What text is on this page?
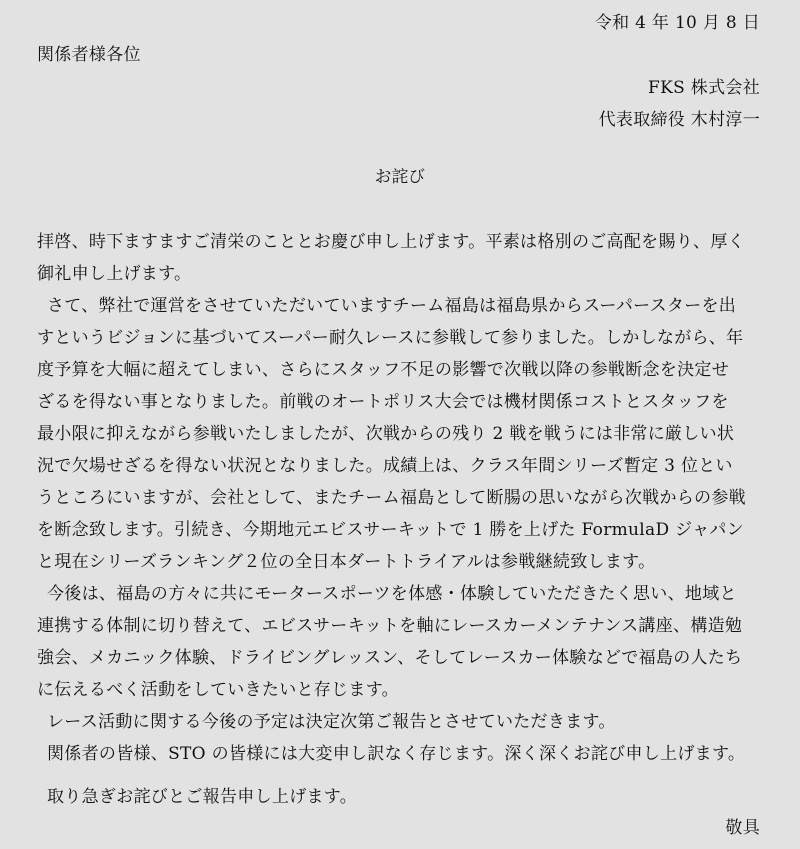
令和 4 年 10 月 8 日
関係者様各位
FKS 株式会社
代表取締役 木村淳一
お詫び
拝啓、時下ますますご清栄のこととお慶び申し上げます。平素は格別のご高配を賜り、厚く
御礼申し上げます。
さて、弊社で運営をさせていただいていますチーム福島は福島県からスーパースターを出
すというビジョンに基づいてスーパー耐久レースに参戦して参りました。しかしながら、年
度予算を大幅に超えてしまい、さらにスタッフ不足の影響で次戦以降の参戦断念を決定せ
ざるを得ない事となりました。前戦のオートポリス大会では機材関係コストとスタッフを
最小限に抑えながら参戦いたしましたが、次戦からの残り 2 戦を戦うには非常に厳しい状
況で欠場せざるを得ない状況となりました。成績上は、クラス年間シリーズ暫定 3 位とい
うところにいますが、会社として、またチーム福島として断腸の思いながら次戦からの参戦
を断念致します。引続き、今期地元エビスサーキットで 1 勝を上げた FormulaD ジャパン
と現在シリーズランキング２位の全日本ダートトライアルは参戦継続致します。
今後は、福島の方々に共にモータースポーツを体感・体験していただきたく思い、地域と
連携する体制に切り替えて、エビスサーキットを軸にレースカーメンテナンス講座、構造勉
強会、メカニック体験、ドライビングレッスン、そしてレースカー体験などで福島の人たち
に伝えるべく活動をしていきたいと存じます。
レース活動に関する今後の予定は決定次第ご報告とさせていただきます。
関係者の皆様、STO の皆様には大変申し訳なく存じます。深く深くお詫び申し上げます。
取り急ぎお詫びとご報告申し上げます。
敬具
